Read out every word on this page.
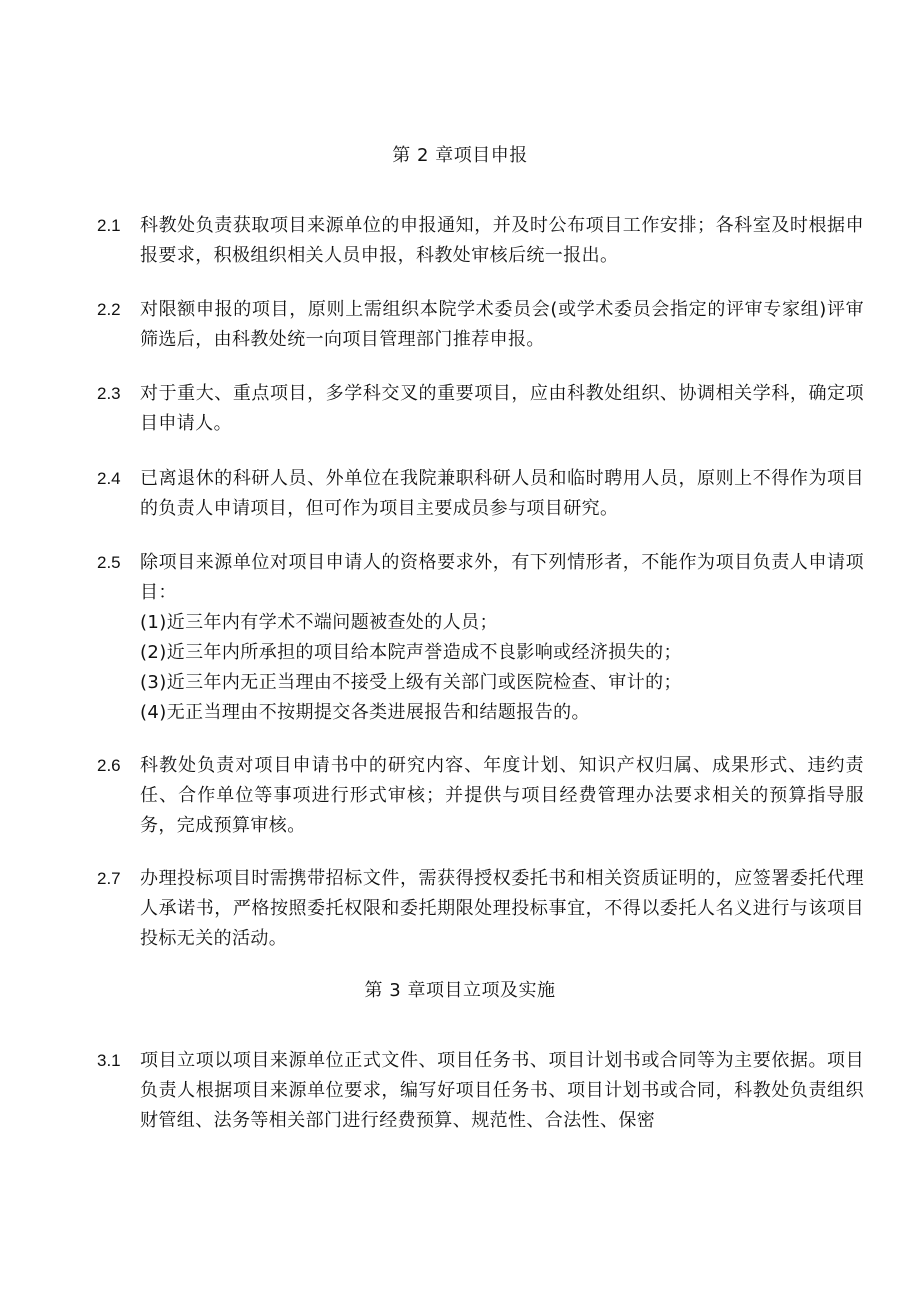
第 2 章项目申报
2.1 科教处负责获取项目来源单位的申报通知，并及时公布项目工作安排；各科室及时根据申报要求，积极组织相关人员申报，科教处审核后统一报出。

2.2 对限额申报的项目，原则上需组织本院学术委员会(或学术委员会指定的评审专家组)评审筛选后，由科教处统一向项目管理部门推荐申报。

2.3 对于重大、重点项目，多学科交叉的重要项目，应由科教处组织、协调相关学科，确定项目申请人。

2.4 已离退休的科研人员、外单位在我院兼职科研人员和临时聘用人员，原则上不得作为项目的负责人申请项目，但可作为项目主要成员参与项目研究。

2.5 除项目来源单位对项目申请人的资格要求外，有下列情形者，不能作为项目负责人申请项目：

(1)近三年内有学术不端问题被查处的人员；

(2)近三年内所承担的项目给本院声誉造成不良影响或经济损失的；

(3)近三年内无正当理由不接受上级有关部门或医院检查、审计的；

(4)无正当理由不按期提交各类进展报告和结题报告的。

2.6 科教处负责对项目申请书中的研究内容、年度计划、知识产权归属、成果形式、违约责任、合作单位等事项进行形式审核；并提供与项目经费管理办法要求相关的预算指导服务，完成预算审核。

2.7 办理投标项目时需携带招标文件，需获得授权委托书和相关资质证明的，应签署委托代理人承诺书，严格按照委托权限和委托期限处理投标事宜，不得以委托人名义进行与该项目投标无关的活动。

第 3 章项目立项及实施
3.1 项目立项以项目来源单位正式文件、项目任务书、项目计划书或合同等为主要依据。项目负责人根据项目来源单位要求，编写好项目任务书、项目计划书或合同，科教处负责组织财管组、法务等相关部门进行经费预算、规范性、合法性、保密
